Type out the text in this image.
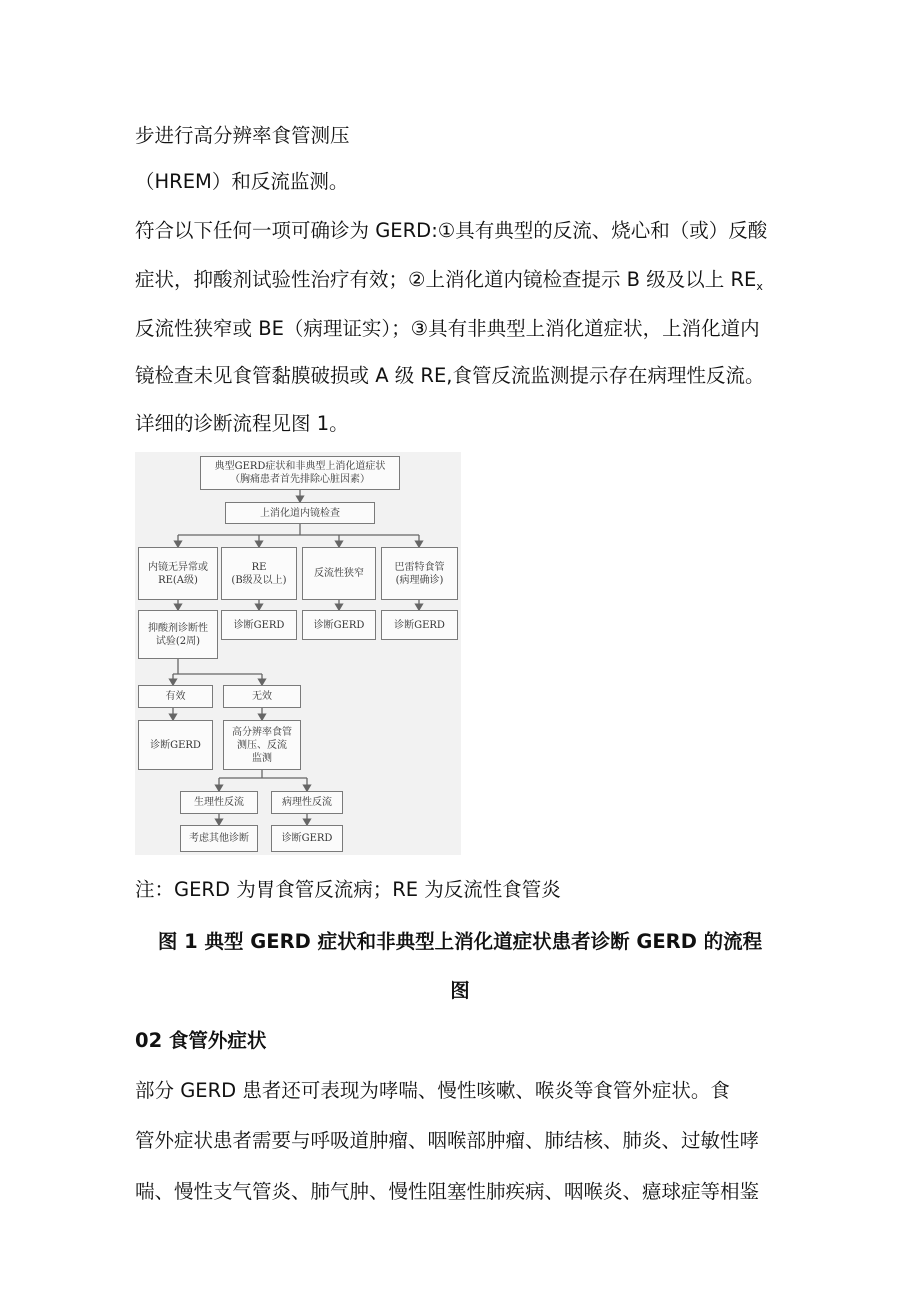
步进行高分辨率食管测压
（HREM）和反流监测。
符合以下任何一项可确诊为 GERD:①具有典型的反流、烧心和（或）反酸
症状，抑酸剂试验性治疗有效；②上消化道内镜检查提示 B 级及以上 $RE_x$
反流性狭窄或 BE（病理证实）；③具有非典型上消化道症状，上消化道内
镜检查未见食管黏膜破损或 A 级 RE,食管反流监测提示存在病理性反流。
详细的诊断流程见图 1。
典型GERD症状和非典型上消化道症状
（胸痛患者首先排除心脏因素）
上消化道内镜检查
内镜无异常或
RE(A级)
RE
(B级及以上)
反流性狭窄
巴雷特食管
(病理确诊)
抑酸剂诊断性
试验(2周)
诊断GERD	诊断GERD	诊断GERD
有效	无效
诊断GERD
高分辨率食管
测压、反流
监测
生理性反流	病理性反流
考虑其他诊断	诊断GERD
注：GERD 为胃食管反流病；RE 为反流性食管炎
图 1 典型 GERD 症状和非典型上消化道症状患者诊断 GERD 的流程
图
02 食管外症状
部分 GERD 患者还可表现为哮喘、慢性咳嗽、喉炎等食管外症状。食
管外症状患者需要与呼吸道肿瘤、咽喉部肿瘤、肺结核、肺炎、过敏性哮
喘、慢性支气管炎、肺气肿、慢性阻塞性肺疾病、咽喉炎、癔球症等相鉴
